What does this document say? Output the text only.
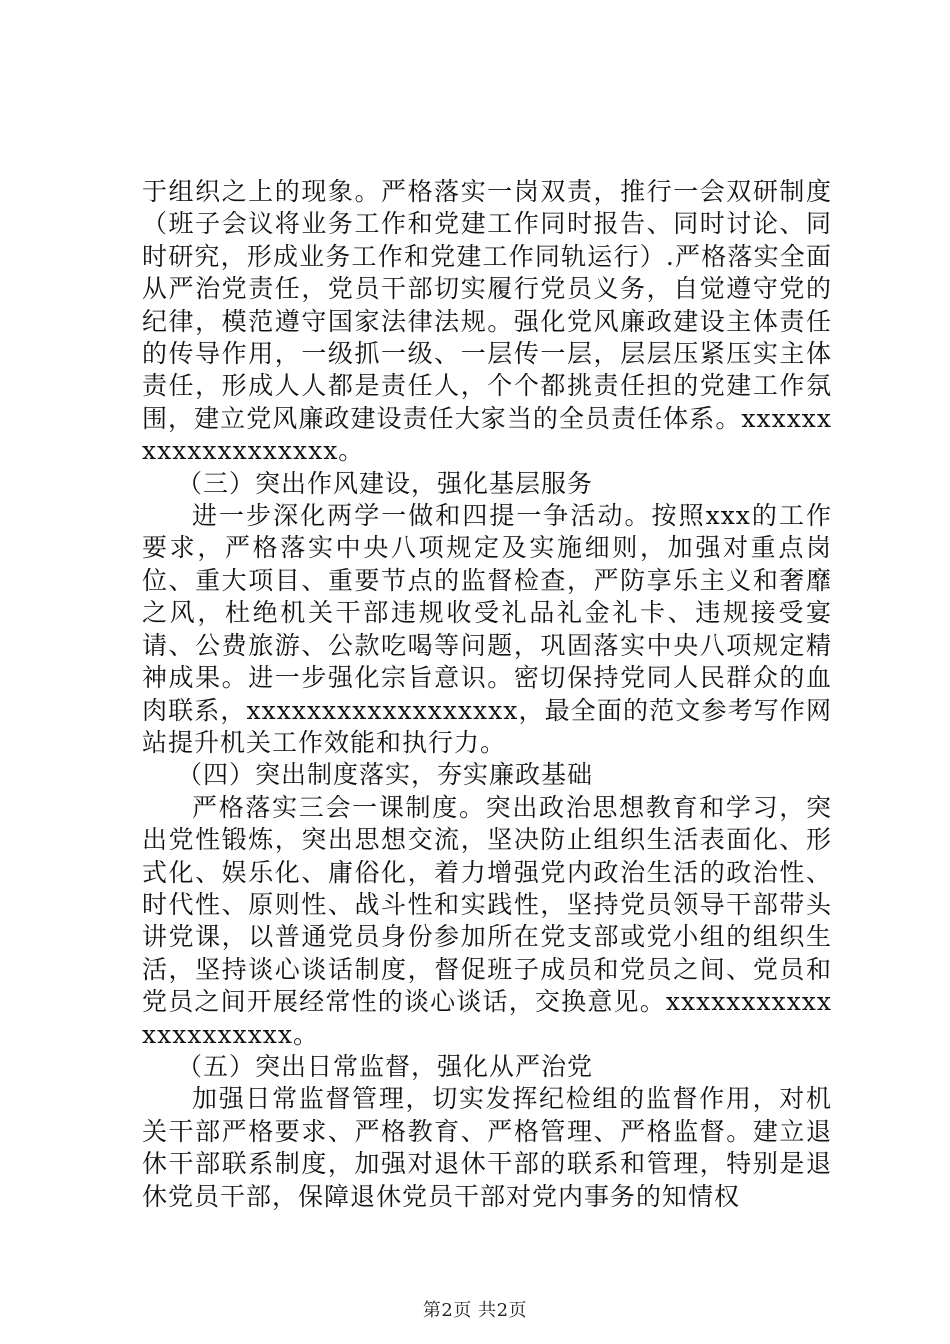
于组织之上的现象。严格落实一岗双责，推行一会双研制度（班子会议将业务工作和党建工作同时报告、同时讨论、同时研究，形成业务工作和党建工作同轨运行）.严格落实全面从严治党责任，党员干部切实履行党员义务，自觉遵守党的纪律，模范遵守国家法律法规。强化党风廉政建设主体责任的传导作用，一级抓一级、一层传一层，层层压紧压实主体责任，形成人人都是责任人，个个都挑责任担的党建工作氛围，建立党风廉政建设责任大家当的全员责任体系。xxxxxxxxxxxxxxxxxxx。

（三）突出作风建设，强化基层服务

进一步深化两学一做和四提一争活动。按照xxx的工作要求，严格落实中央八项规定及实施细则，加强对重点岗位、重大项目、重要节点的监督检查，严防享乐主义和奢靡之风，杜绝机关干部违规收受礼品礼金礼卡、违规接受宴请、公费旅游、公款吃喝等问题，巩固落实中央八项规定精神成果。进一步强化宗旨意识。密切保持党同人民群众的血肉联系，xxxxxxxxxxxxxxxxxx，最全面的范文参考写作网站提升机关工作效能和执行力。

（四）突出制度落实，夯实廉政基础

严格落实三会一课制度。突出政治思想教育和学习，突出党性锻炼，突出思想交流，坚决防止组织生活表面化、形式化、娱乐化、庸俗化，着力增强党内政治生活的政治性、时代性、原则性、战斗性和实践性，坚持党员领导干部带头讲党课，以普通党员身份参加所在党支部或党小组的组织生活，坚持谈心谈话制度，督促班子成员和党员之间、党员和党员之间开展经常性的谈心谈话，交换意见。xxxxxxxxxxxxxxxxxxxxx。

（五）突出日常监督，强化从严治党

加强日常监督管理，切实发挥纪检组的监督作用，对机关干部严格要求、严格教育、严格管理、严格监督。建立退休干部联系制度，加强对退休干部的联系和管理，特别是退休党员干部，保障退休党员干部对党内事务的知情权

第2页 共2页
